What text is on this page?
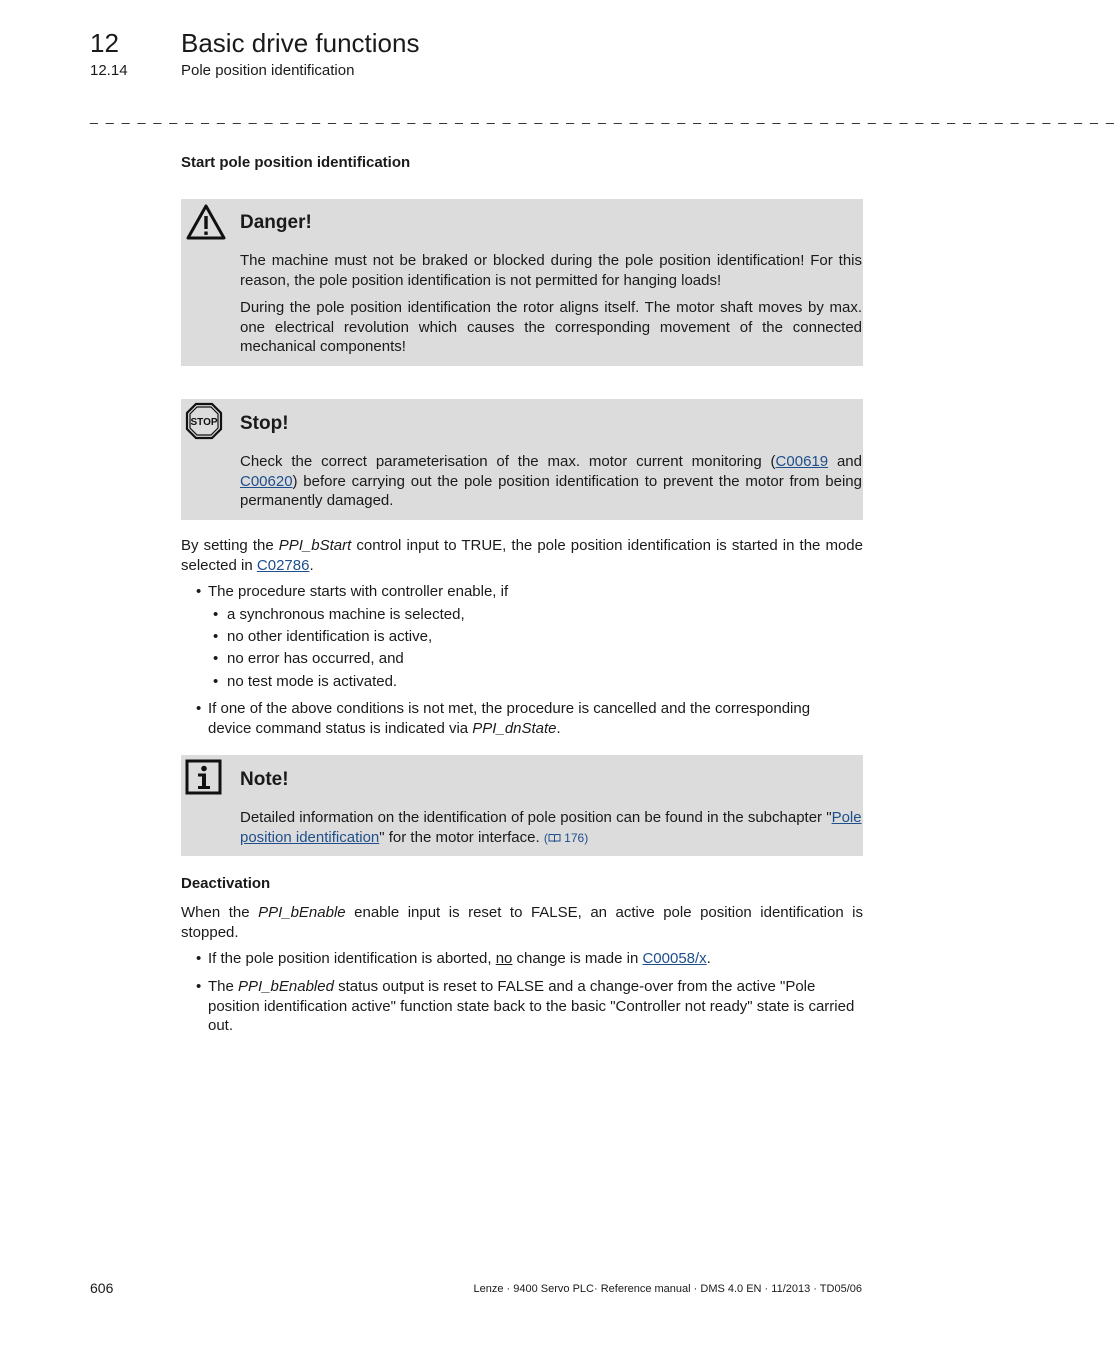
12 Basic drive functions
12.14	Pole position identification
_ _ _ _ _ _ _ _ _ _ _ _ _ _ _ _ _ _ _ _ _ _ _ _ _ _ _ _ _ _ _ _ _ _ _ _ _ _ _ _ _ _ _ _ _ _ _ _ _ _ _ _ _ _ _ _ _ _ _ _ _ _ _ _ _
Start pole position identification
Danger!

The machine must not be braked or blocked during the pole position identification! For this reason, the pole position identification is not permitted for hanging loads!

During the pole position identification the rotor aligns itself. The motor shaft moves by max. one electrical revolution which causes the corresponding movement of the connected mechanical components!

STOP Stop!

Check the correct parameterisation of the max. motor current monitoring (C00619 and C00620) before carrying out the pole position identification to prevent the motor from being permanently damaged.

By setting the PPI_bStart control input to TRUE, the pole position identification is started in the mode selected in C02786.

• The procedure starts with controller enable, if
• a synchronous machine is selected,
• no other identification is active,
• no error has occurred, and
• no test mode is activated.
• If one of the above conditions is not met, the procedure is cancelled and the corresponding device command status is indicated via PPI_dnState.
Note!

Detailed information on the identification of pole position can be found in the subchapter "Pole position identification" for the motor interface. ( 176)

Deactivation

When the PPI_bEnable enable input is reset to FALSE, an active pole position identification is stopped.

• If the pole position identification is aborted, no change is made in C00058/x.
• The PPI_bEnabled status output is reset to FALSE and a change-over from the active "Pole position identification active" function state back to the basic "Controller not ready" state is carried out.
606	Lenze · 9400 Servo PLC· Reference manual · DMS 4.0 EN · 11/2013 · TD05/06
